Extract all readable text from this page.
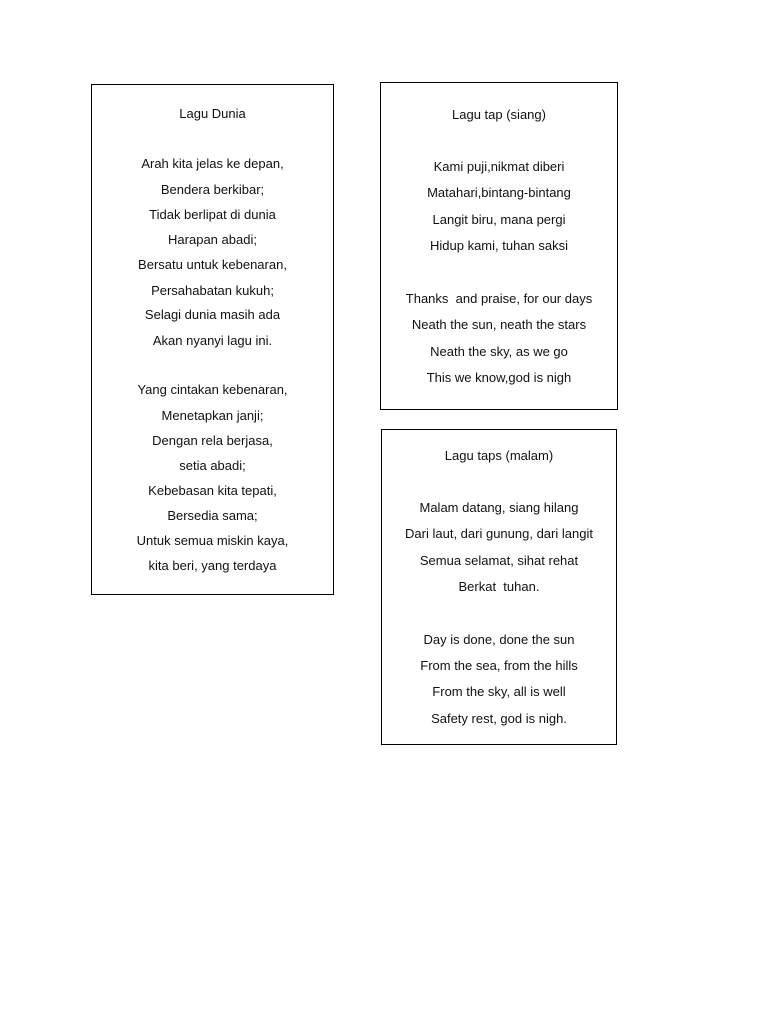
Lagu Dunia
Arah kita jelas ke depan,
Bendera berkibar;
Tidak berlipat di dunia
Harapan abadi;
Bersatu untuk kebenaran,
Persahabatan kukuh;
Selagi dunia masih ada
Akan nyanyi lagu ini.
Yang cintakan kebenaran,
Menetapkan janji;
Dengan rela berjasa,
setia abadi;
Kebebasan kita tepati,
Bersedia sama;
Untuk semua miskin kaya,
kita beri, yang terdaya
Lagu tap (siang)
Kami puji,nikmat diberi
Matahari,bintang-bintang
Langit biru, mana pergi
Hidup kami, tuhan saksi
Thanks  and praise, for our days
Neath the sun, neath the stars
Neath the sky, as we go
This we know,god is nigh
Lagu taps (malam)
Malam datang, siang hilang
Dari laut, dari gunung, dari langit
Semua selamat, sihat rehat
Berkat  tuhan.
Day is done, done the sun
From the sea, from the hills
From the sky, all is well
Safety rest, god is nigh.
